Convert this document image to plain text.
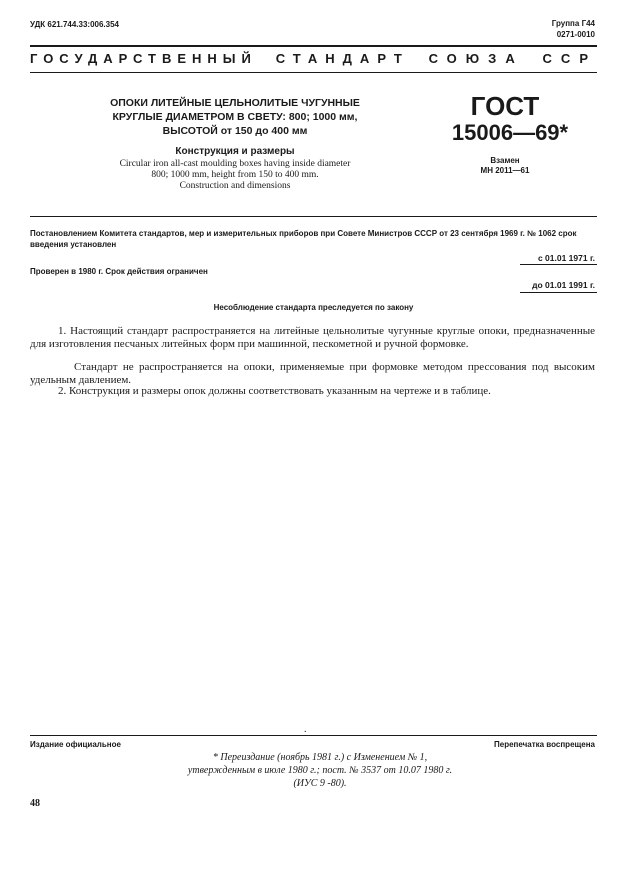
УДК 621.744.33:006.354	Группа Г44
0271-0010
ГОСУДАРСТВЕННЫЙ СТАНДАРТ СОЮЗА ССР
ОПОКИ ЛИТЕЙНЫЕ ЦЕЛЬНОЛИТЫЕ ЧУГУННЫЕ
КРУГЛЫЕ ДИАМЕТРОМ В СВЕТУ: 800; 1000 мм,
ВЫСОТОЙ от 150 до 400 мм
Конструкция и размеры
Circular iron all-cast moulding boxes having inside diameter
800; 1000 mm, height from 150 to 400 mm.
Construction and dimensions
ГОСТ
15006—69*
Взамен
МН 2011—61
Постановлением Комитета стандартов, мер и измерительных приборов при Совете Министров СССР от 23 сентября 1969 г. № 1062 срок введения установлен
с 01.01 1971 г.
Проверен в 1980 г. Срок действия ограничен
до 01.01 1991 г.
Несоблюдение стандарта преследуется по закону
1. Настоящий стандарт распространяется на литейные цельнолитые чугунные круглые опоки, предназначенные для изготовления песчаных литейных форм при машинной, пескометной и ручной формовке.
Стандарт не распространяется на опоки, применяемые при формовке методом прессования под высоким удельным давлением.
2. Конструкция и размеры опок должны соответствовать указанным на чертеже и в таблице.
.
Издание официальное	Перепечатка воспрещена
* Переиздание (ноябрь 1981 г.) с Изменением № 1,
утвержденным в июле 1980 г.; пост. № 3537 от 10.07 1980 г.
(ИУС 9 -80).
48
